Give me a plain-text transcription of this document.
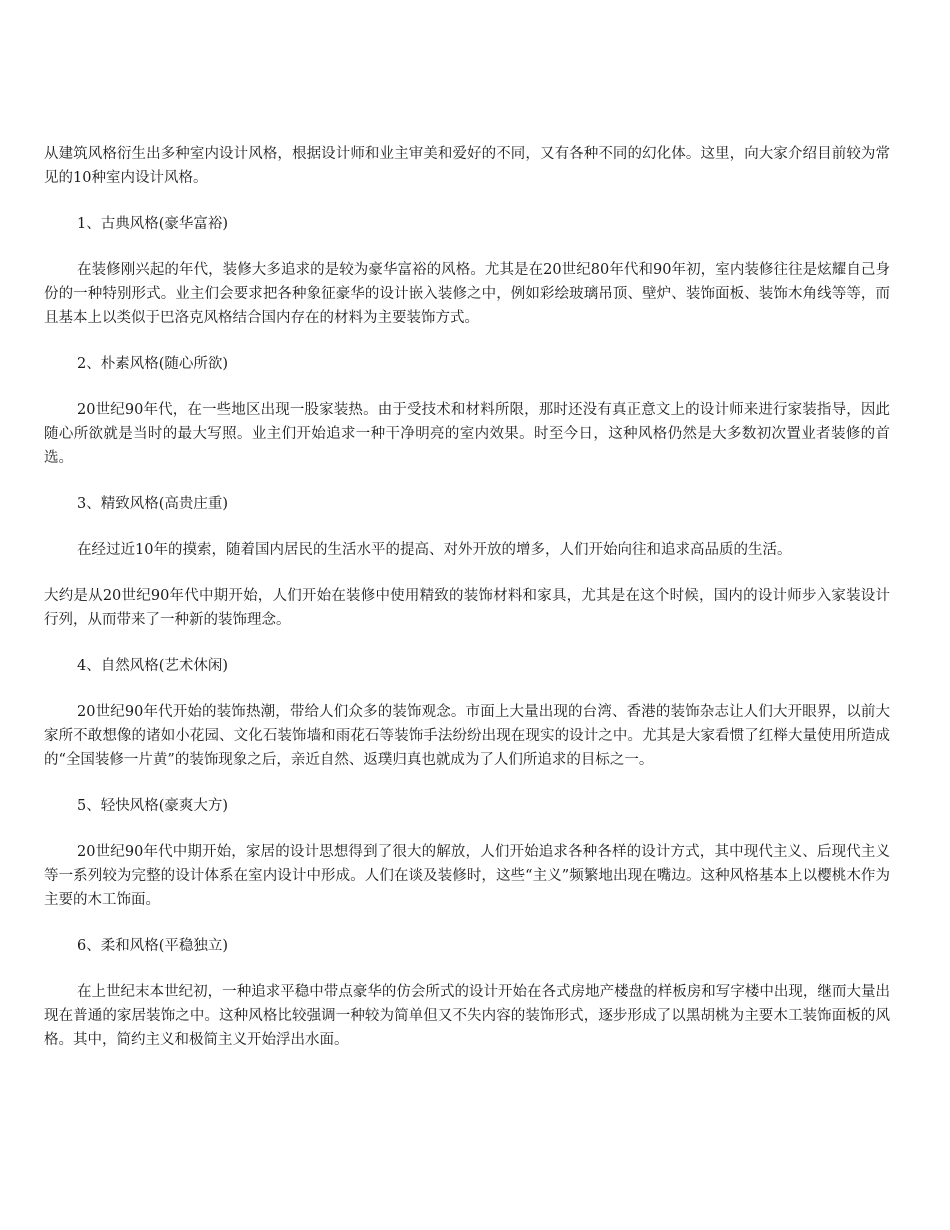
从建筑风格衍生出多种室内设计风格，根据设计师和业主审美和爱好的不同，又有各种不同的幻化体。这里，向大家介绍目前较为常见的10种室内设计风格。

1、古典风格(豪华富裕)

在装修刚兴起的年代，装修大多追求的是较为豪华富裕的风格。尤其是在20世纪80年代和90年初，室内装修往往是炫耀自己身份的一种特别形式。业主们会要求把各种象征豪华的设计嵌入装修之中，例如彩绘玻璃吊顶、壁炉、装饰面板、装饰木角线等等，而且基本上以类似于巴洛克风格结合国内存在的材料为主要装饰方式。

2、朴素风格(随心所欲)

20世纪90年代，在一些地区出现一股家装热。由于受技术和材料所限，那时还没有真正意文上的设计师来进行家装指导，因此随心所欲就是当时的最大写照。业主们开始追求一种干净明亮的室内效果。时至今日，这种风格仍然是大多数初次置业者装修的首选。

3、精致风格(高贵庄重)

在经过近10年的摸索，随着国内居民的生活水平的提高、对外开放的增多，人们开始向往和追求高品质的生活。

大约是从20世纪90年代中期开始，人们开始在装修中使用精致的装饰材料和家具，尤其是在这个时候，国内的设计师步入家装设计行列，从而带来了一种新的装饰理念。

4、自然风格(艺术休闲)

20世纪90年代开始的装饰热潮，带给人们众多的装饰观念。市面上大量出现的台湾、香港的装饰杂志让人们大开眼界，以前大家所不敢想像的诸如小花园、文化石装饰墙和雨花石等装饰手法纷纷出现在现实的设计之中。尤其是大家看惯了红榉大量使用所造成的“全国装修一片黄”的装饰现象之后，亲近自然、返璞归真也就成为了人们所追求的目标之一。

5、轻快风格(豪爽大方)

20世纪90年代中期开始，家居的设计思想得到了很大的解放，人们开始追求各种各样的设计方式，其中现代主义、后现代主义等一系列较为完整的设计体系在室内设计中形成。人们在谈及装修时，这些“主义”频繁地出现在嘴边。这种风格基本上以樱桃木作为主要的木工饰面。

6、柔和风格(平稳独立)

在上世纪末本世纪初，一种追求平稳中带点豪华的仿会所式的设计开始在各式房地产楼盘的样板房和写字楼中出现，继而大量出现在普通的家居装饰之中。这种风格比较强调一种较为简单但又不失内容的装饰形式，逐步形成了以黑胡桃为主要木工装饰面板的风格。其中，简约主义和极简主义开始浮出水面。
